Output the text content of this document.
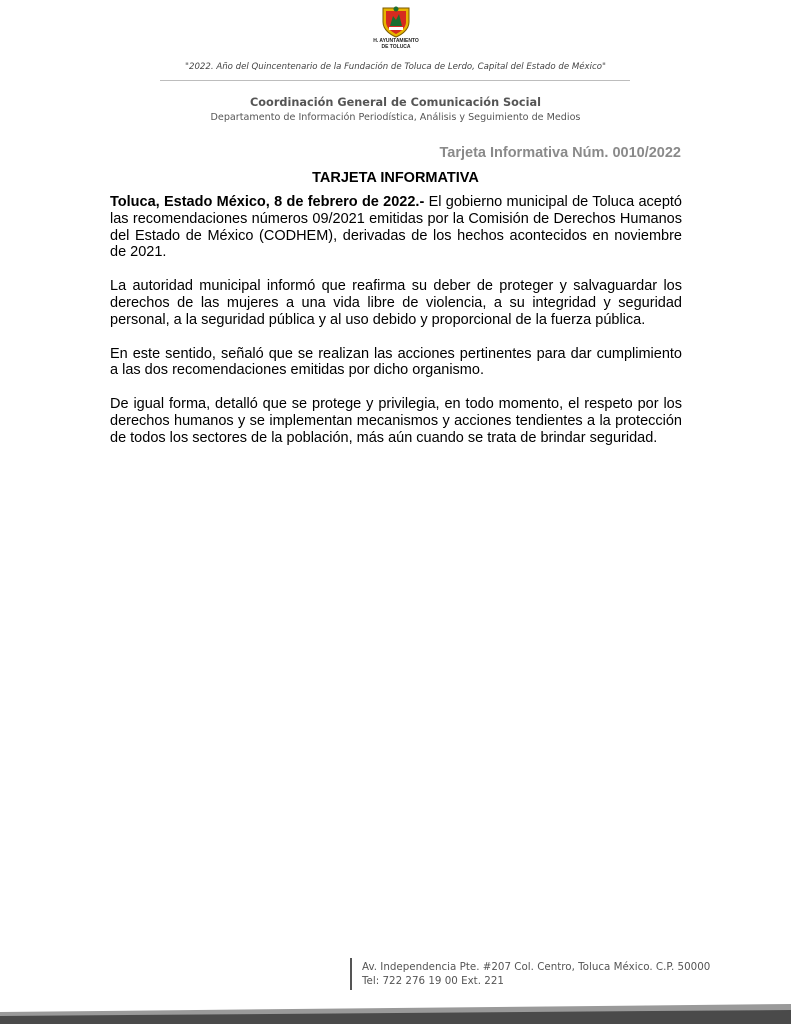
H. AYUNTAMIENTO
DE TOLUCA
"2022. Año del Quincentenario de la Fundación de Toluca de Lerdo, Capital del Estado de México"
Coordinación General de Comunicación Social
Departamento de Información Periodística, Análisis y Seguimiento de Medios
Tarjeta Informativa Núm. 0010/2022
TARJETA INFORMATIVA

Toluca, Estado México, 8 de febrero de 2022.- El gobierno municipal de Toluca aceptó las recomendaciones números 09/2021 emitidas por la Comisión de Derechos Humanos del Estado de México (CODHEM), derivadas de los hechos acontecidos en noviembre de 2021.

La autoridad municipal informó que reafirma su deber de proteger y salvaguardar los derechos de las mujeres a una vida libre de violencia, a su integridad y seguridad personal, a la seguridad pública y al uso debido y proporcional de la fuerza pública.

En este sentido, señaló que se realizan las acciones pertinentes para dar cumplimiento a las dos recomendaciones emitidas por dicho organismo.

De igual forma, detalló que se protege y privilegia, en todo momento, el respeto por los derechos humanos y se implementan mecanismos y acciones tendientes a la protección de todos los sectores de la población, más aún cuando se trata de brindar seguridad.

Av. Independencia Pte. #207 Col. Centro, Toluca México. C.P. 50000
Tel: 722 276 19 00 Ext. 221
